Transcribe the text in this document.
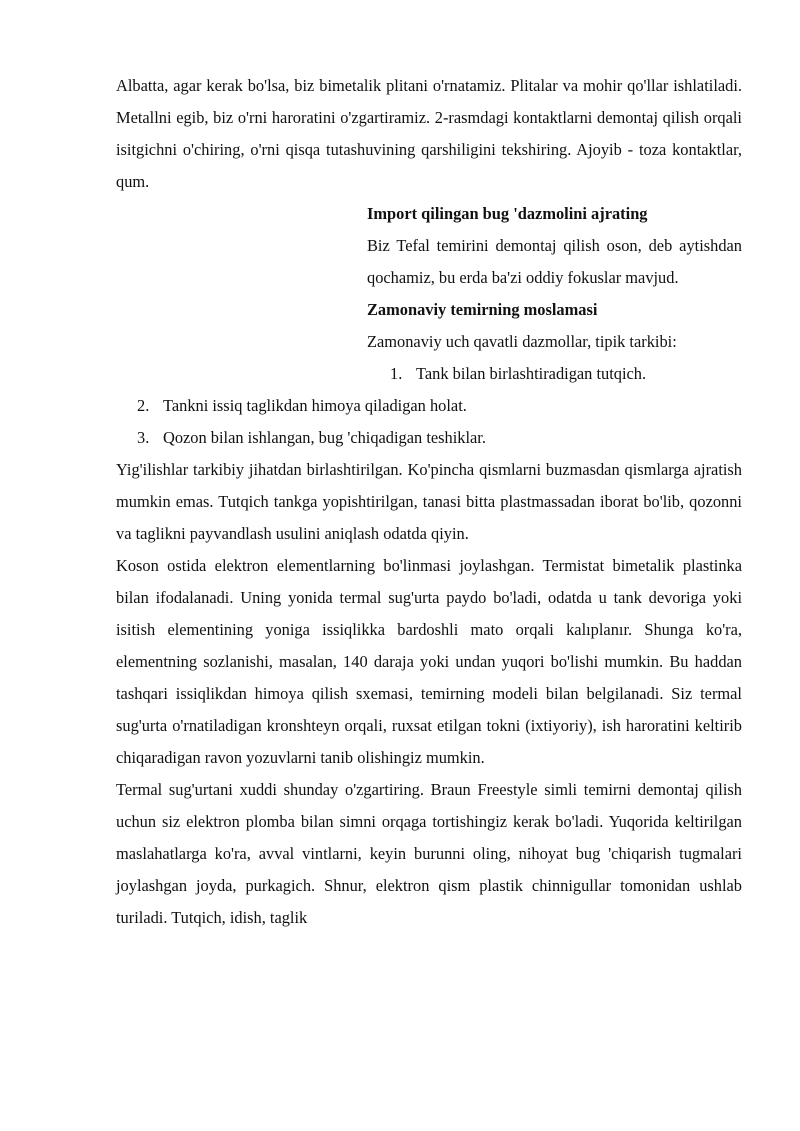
Albatta, agar kerak bo'lsa, biz bimetalik plitani o'rnatamiz. Plitalar va mohir qo'llar ishlatiladi. Metallni egib, biz o'rni haroratini o'zgartiramiz. 2-rasmdagi kontaktlarni demontaj qilish orqali isitgichni o'chiring, o'rni qisqa tutashuvining qarshiligini tekshiring. Ajoyib - toza kontaktlar, qum.

Import qilingan bug 'dazmolini ajrating

Biz Tefal temirini demontaj qilish oson, deb aytishdan qochamiz, bu erda ba'zi oddiy fokuslar mavjud.

Zamonaviy temirning moslamasi

Zamonaviy uch qavatli dazmollar, tipik tarkibi:

1. Tank bilan birlashtiradigan tutqich.
2. Tankni issiq taglikdan himoya qiladigan holat.
3. Qozon bilan ishlangan, bug 'chiqadigan teshiklar.

Yig'ilishlar tarkibiy jihatdan birlashtirilgan. Ko'pincha qismlarni buzmasdan qismlarga ajratish mumkin emas. Tutqich tankga yopishtirilgan, tanasi bitta plastmassadan iborat bo'lib, qozonni va taglikni payvandlash usulini aniqlash odatda qiyin.

Koson ostida elektron elementlarning bo'linmasi joylashgan. Termistat bimetalik plastinka bilan ifodalanadi. Uning yonida termal sug'urta paydo bo'ladi, odatda u tank devoriga yoki isitish elementining yoniga issiqlikka bardoshli mato orqali kalıplanır. Shunga ko'ra, elementning sozlanishi, masalan, 140 daraja yoki undan yuqori bo'lishi mumkin. Bu haddan tashqari issiqlikdan himoya qilish sxemasi, temirning modeli bilan belgilanadi. Siz termal sug'urta o'rnatiladigan kronshteyn orqali, ruxsat etilgan tokni (ixtiyoriy), ish haroratini keltirib chiqaradigan ravon yozuvlarni tanib olishingiz mumkin.

Termal sug'urtani xuddi shunday o'zgartiring. Braun Freestyle simli temirni demontaj qilish uchun siz elektron plomba bilan simni orqaga tortishingiz kerak bo'ladi. Yuqorida keltirilgan maslahatlarga ko'ra, avval vintlarni, keyin burunni oling, nihoyat bug 'chiqarish tugmalari joylashgan joyda, purkagich. Shnur, elektron qism plastik chinnigullar tomonidan ushlab turiladi. Tutqich, idish, taglik
